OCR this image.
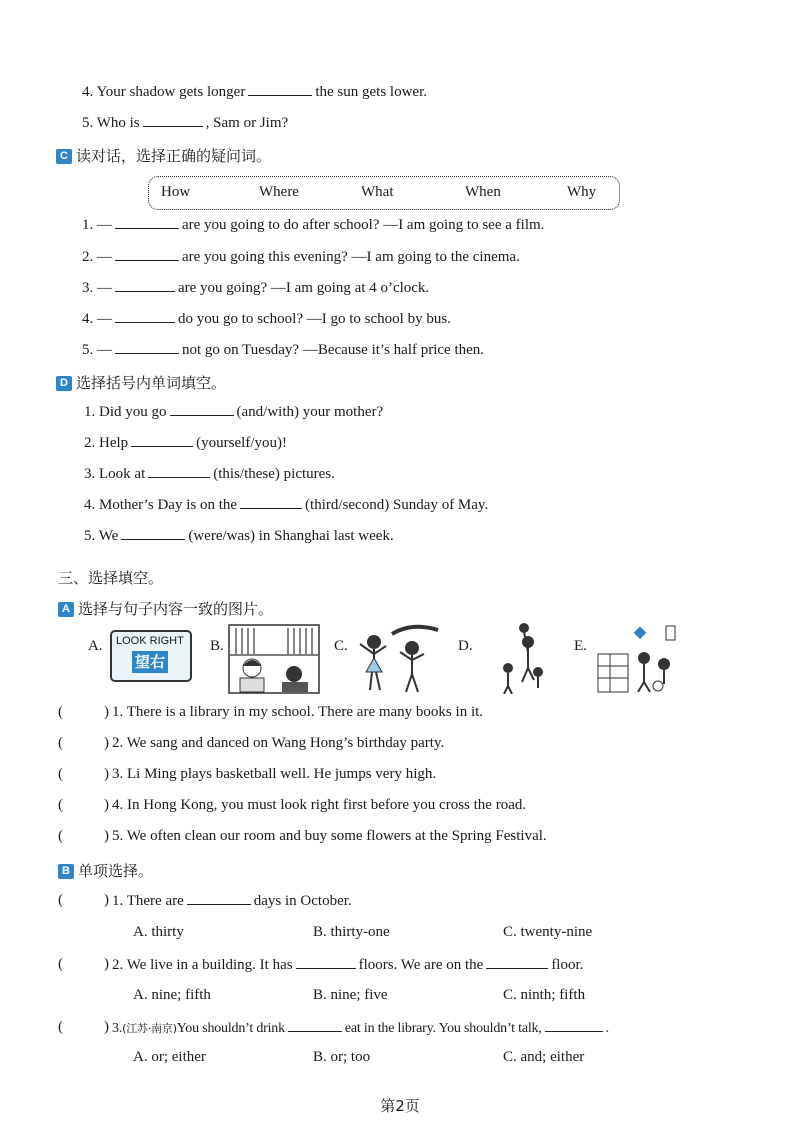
4. Your shadow gets longer	the sun gets lower.
5. Who is	, Sam or Jim?
C 读对话，选择正确的疑问词。
How	Where	What	When	Why
1. —	are you going to do after school? —I am going to see a film.
2. —	are you going this evening? —I am going to the cinema.
3. —	are you going? —I am going at 4 o’clock.
4. —	do you go to school? —I go to school by bus.
5. —	not go on Tuesday? —Because it’s half price then.
D 选择括号内单词填空。
1. Did you go	(and/with) your mother?
2. Help	(yourself/you)!
3. Look at	(this/these) pictures.
4. Mother’s Day is on the	(third/second) Sunday of May.
5. We	(were/was) in Shanghai last week.
三、选择填空。
A 选择与句子内容一致的图片。
A. LOOK RIGHT
望右
B.	C.	D.	E.
(	) 1. There is a library in my school. There are many books in it.
(	) 2. We sang and danced on Wang Hong’s birthday party.
(	) 3. Li Ming plays basketball well. He jumps very high.
(	) 4. In Hong Kong, you must look right first before you cross the road.
(	) 5. We often clean our room and buy some flowers at the Spring Festival.
B 单项选择。
(	) 1. There are	days in October.
A. thirty	B. thirty-one	C. twenty-nine
(	) 2. We live in a building. It has	floors. We are on the	floor.
A. nine; fifth	B. nine; five	C. ninth; fifth
(	) 3.(江苏·南京)You shouldn’t drink	eat in the library. You shouldn’t talk,	.
A. or; either	B. or; too	C. and; either
第2页
